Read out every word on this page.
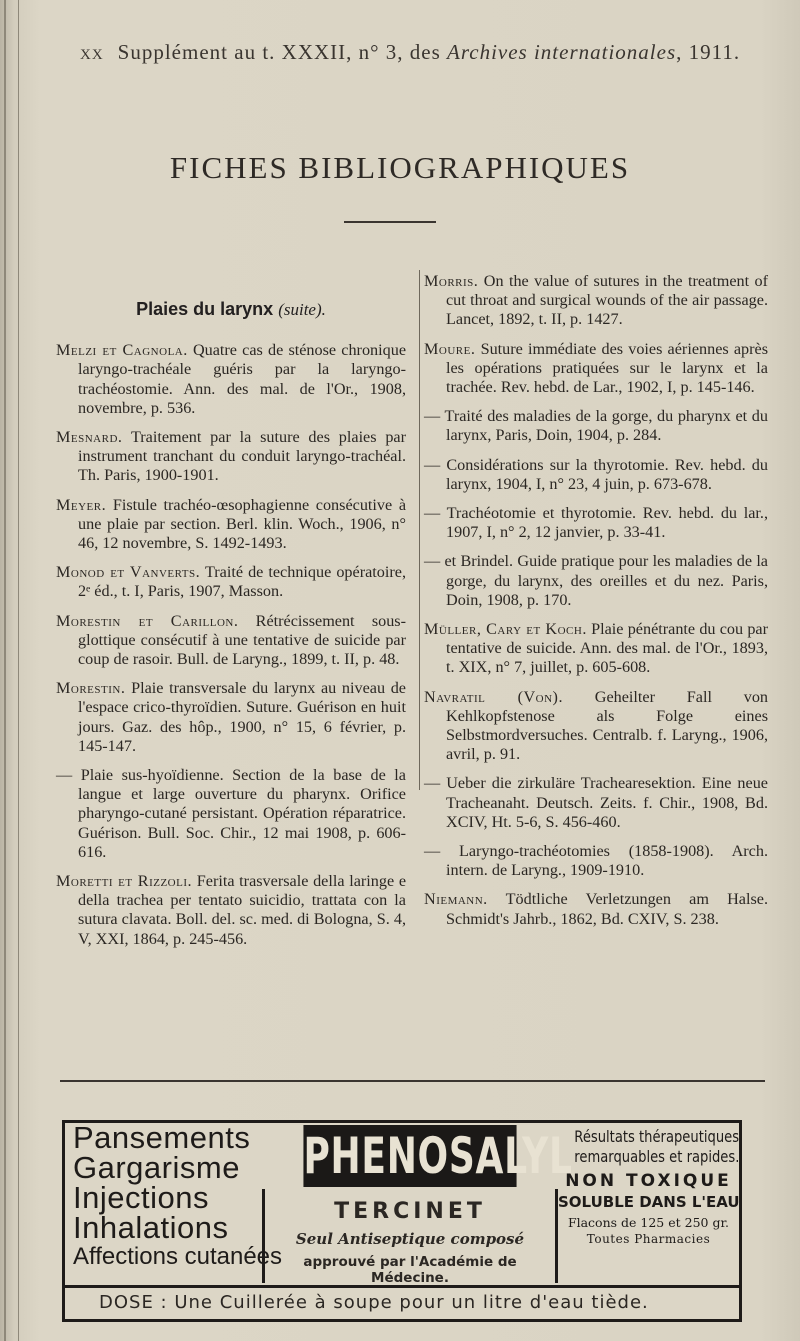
XX Supplément au t. XXXII, n° 3, des Archives internationales, 1911.
FICHES BIBLIOGRAPHIQUES
Plaies du larynx (suite).
Melzi et Cagnola. Quatre cas de sténose chronique laryngo-trachéale guéris par la laryngo-trachéostomie. Ann. des mal. de l'Or., 1908, novembre, p. 536.
Mesnard. Traitement par la suture des plaies par instrument tranchant du conduit laryngo-trachéal. Th. Paris, 1900-1901.
Meyer. Fistule trachéo-œsophagienne consécutive à une plaie par section. Berl. klin. Woch., 1906, n° 46, 12 novembre, S. 1492-1493.
Monod et Vanverts. Traité de technique opératoire, 2ᵉ éd., t. I, Paris, 1907, Masson.
Morestin et Carillon. Rétrécissement sous-glottique consécutif à une tentative de suicide par coup de rasoir. Bull. de Laryng., 1899, t. II, p. 48.
Morestin. Plaie transversale du larynx au niveau de l'espace crico-thyroïdien. Suture. Guérison en huit jours. Gaz. des hôp., 1900, n° 15, 6 février, p. 145-147.
— Plaie sus-hyoïdienne. Section de la base de la langue et large ouverture du pharynx. Orifice pharyngo-cutané persistant. Opération réparatrice. Guérison. Bull. Soc. Chir., 12 mai 1908, p. 606-616.
Moretti et Rizzoli. Ferita trasversale della laringe e della trachea per tentato suicidio, trattata con la sutura clavata. Boll. del. sc. med. di Bologna, S. 4, V, XXI, 1864, p. 245-456.
Morris. On the value of sutures in the treatment of cut throat and surgical wounds of the air passage. Lancet, 1892, t. II, p. 1427.
Moure. Suture immédiate des voies aériennes après les opérations pratiquées sur le larynx et la trachée. Rev. hebd. de Lar., 1902, I, p. 145-146.
— Traité des maladies de la gorge, du pharynx et du larynx, Paris, Doin, 1904, p. 284.
— Considérations sur la thyrotomie. Rev. hebd. du larynx, 1904, I, n° 23, 4 juin, p. 673-678.
— Trachéotomie et thyrotomie. Rev. hebd. du lar., 1907, I, n° 2, 12 janvier, p. 33-41.
— et Brindel. Guide pratique pour les maladies de la gorge, du larynx, des oreilles et du nez. Paris, Doin, 1908, p. 170.
Müller, Cary et Koch. Plaie pénétrante du cou par tentative de suicide. Ann. des mal. de l'Or., 1893, t. XIX, n° 7, juillet, p. 605-608.
Navratil (Von). Geheilter Fall von Kehlkopfstenose als Folge eines Selbstmordversuches. Centralb. f. Laryng., 1906, avril, p. 91.
— Ueber die zirkuläre Trachearesektion. Eine neue Tracheanaht. Deutsch. Zeits. f. Chir., 1908, Bd. XCIV, Ht. 5-6, S. 456-460.
— Laryngo-trachéotomies (1858-1908). Arch. intern. de Laryng., 1909-1910.
Niemann. Tödtliche Verletzungen am Halse. Schmidt's Jahrb., 1862, Bd. CXIV, S. 238.
Pansements
Gargarisme
Injections
Inhalations
Affections cutanées
PHENOSALYL
TERCINET
Seul Antiseptique composé
approuvé par l'Académie de Médecine.
Résultats thérapeutiques
remarquables et rapides.
NON TOXIQUE
SOLUBLE DANS L'EAU
Flacons de 125 et 250 gr.
Toutes Pharmacies
DOSE : Une Cuillerée à soupe pour un litre d'eau tiède.
